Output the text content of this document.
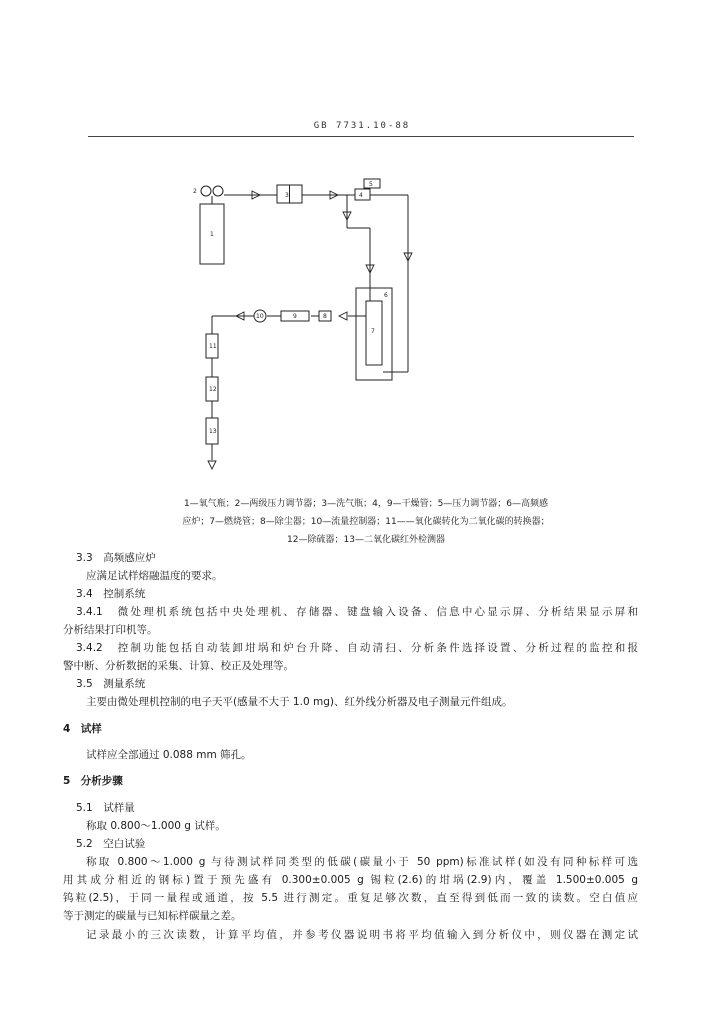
GB 7731.10-88
2
1
3	4
5
6
7
8
9
10
11
12
13
1—氧气瓶；2—两级压力调节器；3—洗气瓶；4，9—干燥管；5—压力调节器；6—高频感
应炉；7—燃烧管；8—除尘器；10—流量控制器；11——氧化碳转化为二氧化碳的转换器；
12—除硫器；13—二氧化碳红外检测器
3.3　高频感应炉
应满足试样熔融温度的要求。
3.4　控制系统
3.4.1　微处理机系统包括中央处理机、存储器、键盘输入设备、信息中心显示屏、分析结果显示屏和
分析结果打印机等。
3.4.2　控制功能包括自动装卸坩埚和炉台升降、自动清扫、分析条件选择设置、分析过程的监控和报
警中断、分析数据的采集、计算、校正及处理等。
3.5　测量系统
主要由微处理机控制的电子天平(感量不大于 1.0 mg)、红外线分析器及电子测量元件组成。
4　试样
试样应全部通过 0.088 mm 筛孔。
5　分析步骤
5.1　试样量
称取 0.800～1.000 g 试样。
5.2　空白试验
称取 0.800～1.000 g 与待测试样同类型的低碳(碳量小于 50 ppm)标准试样(如没有同种标样可选
用其成分相近的钢标)置于预先盛有 0.300±0.005 g 锡粒(2.6)的坩埚(2.9)内，覆盖 1.500±0.005 g
钨粒(2.5)，于同一量程或通道，按 5.5 进行测定。重复足够次数，直至得到低而一致的读数。空白值应
等于测定的碳量与已知标样碳量之差。
记录最小的三次读数，计算平均值，并参考仪器说明书将平均值输入到分析仪中，则仪器在测定试
